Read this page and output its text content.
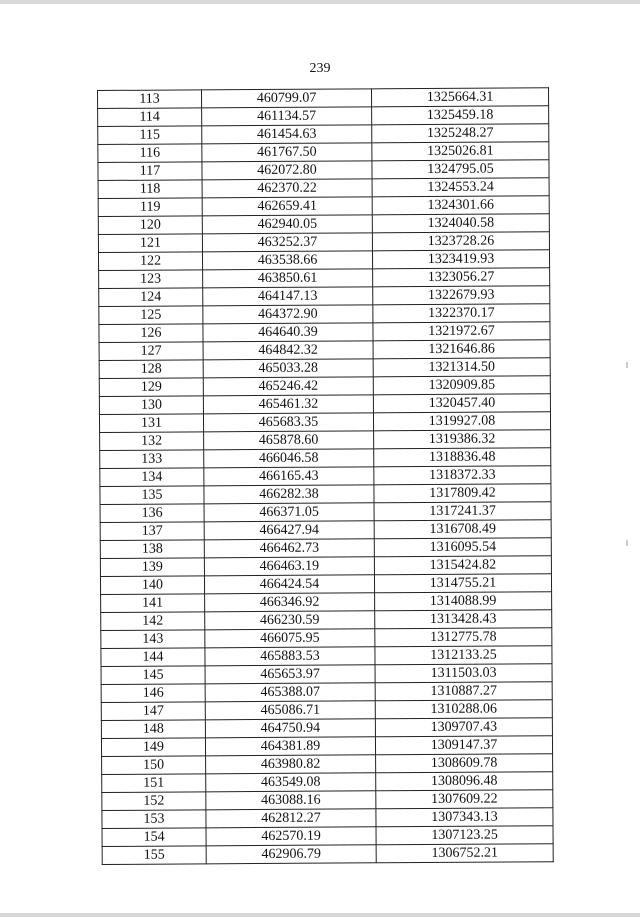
239
113	460799.07	1325664.31
114	461134.57	1325459.18
115	461454.63	1325248.27
116	461767.50	1325026.81
117	462072.80	1324795.05
118	462370.22	1324553.24
119	462659.41	1324301.66
120	462940.05	1324040.58
121	463252.37	1323728.26
122	463538.66	1323419.93
123	463850.61	1323056.27
124	464147.13	1322679.93
125	464372.90	1322370.17
126	464640.39	1321972.67
127	464842.32	1321646.86
128	465033.28	1321314.50
129	465246.42	1320909.85
130	465461.32	1320457.40
131	465683.35	1319927.08
132	465878.60	1319386.32
133	466046.58	1318836.48
134	466165.43	1318372.33
135	466282.38	1317809.42
136	466371.05	1317241.37
137	466427.94	1316708.49
138	466462.73	1316095.54
139	466463.19	1315424.82
140	466424.54	1314755.21
141	466346.92	1314088.99
142	466230.59	1313428.43
143	466075.95	1312775.78
144	465883.53	1312133.25
145	465653.97	1311503.03
146	465388.07	1310887.27
147	465086.71	1310288.06
148	464750.94	1309707.43
149	464381.89	1309147.37
150	463980.82	1308609.78
151	463549.08	1308096.48
152	463088.16	1307609.22
153	462812.27	1307343.13
154	462570.19	1307123.25
155	462906.79	1306752.21
